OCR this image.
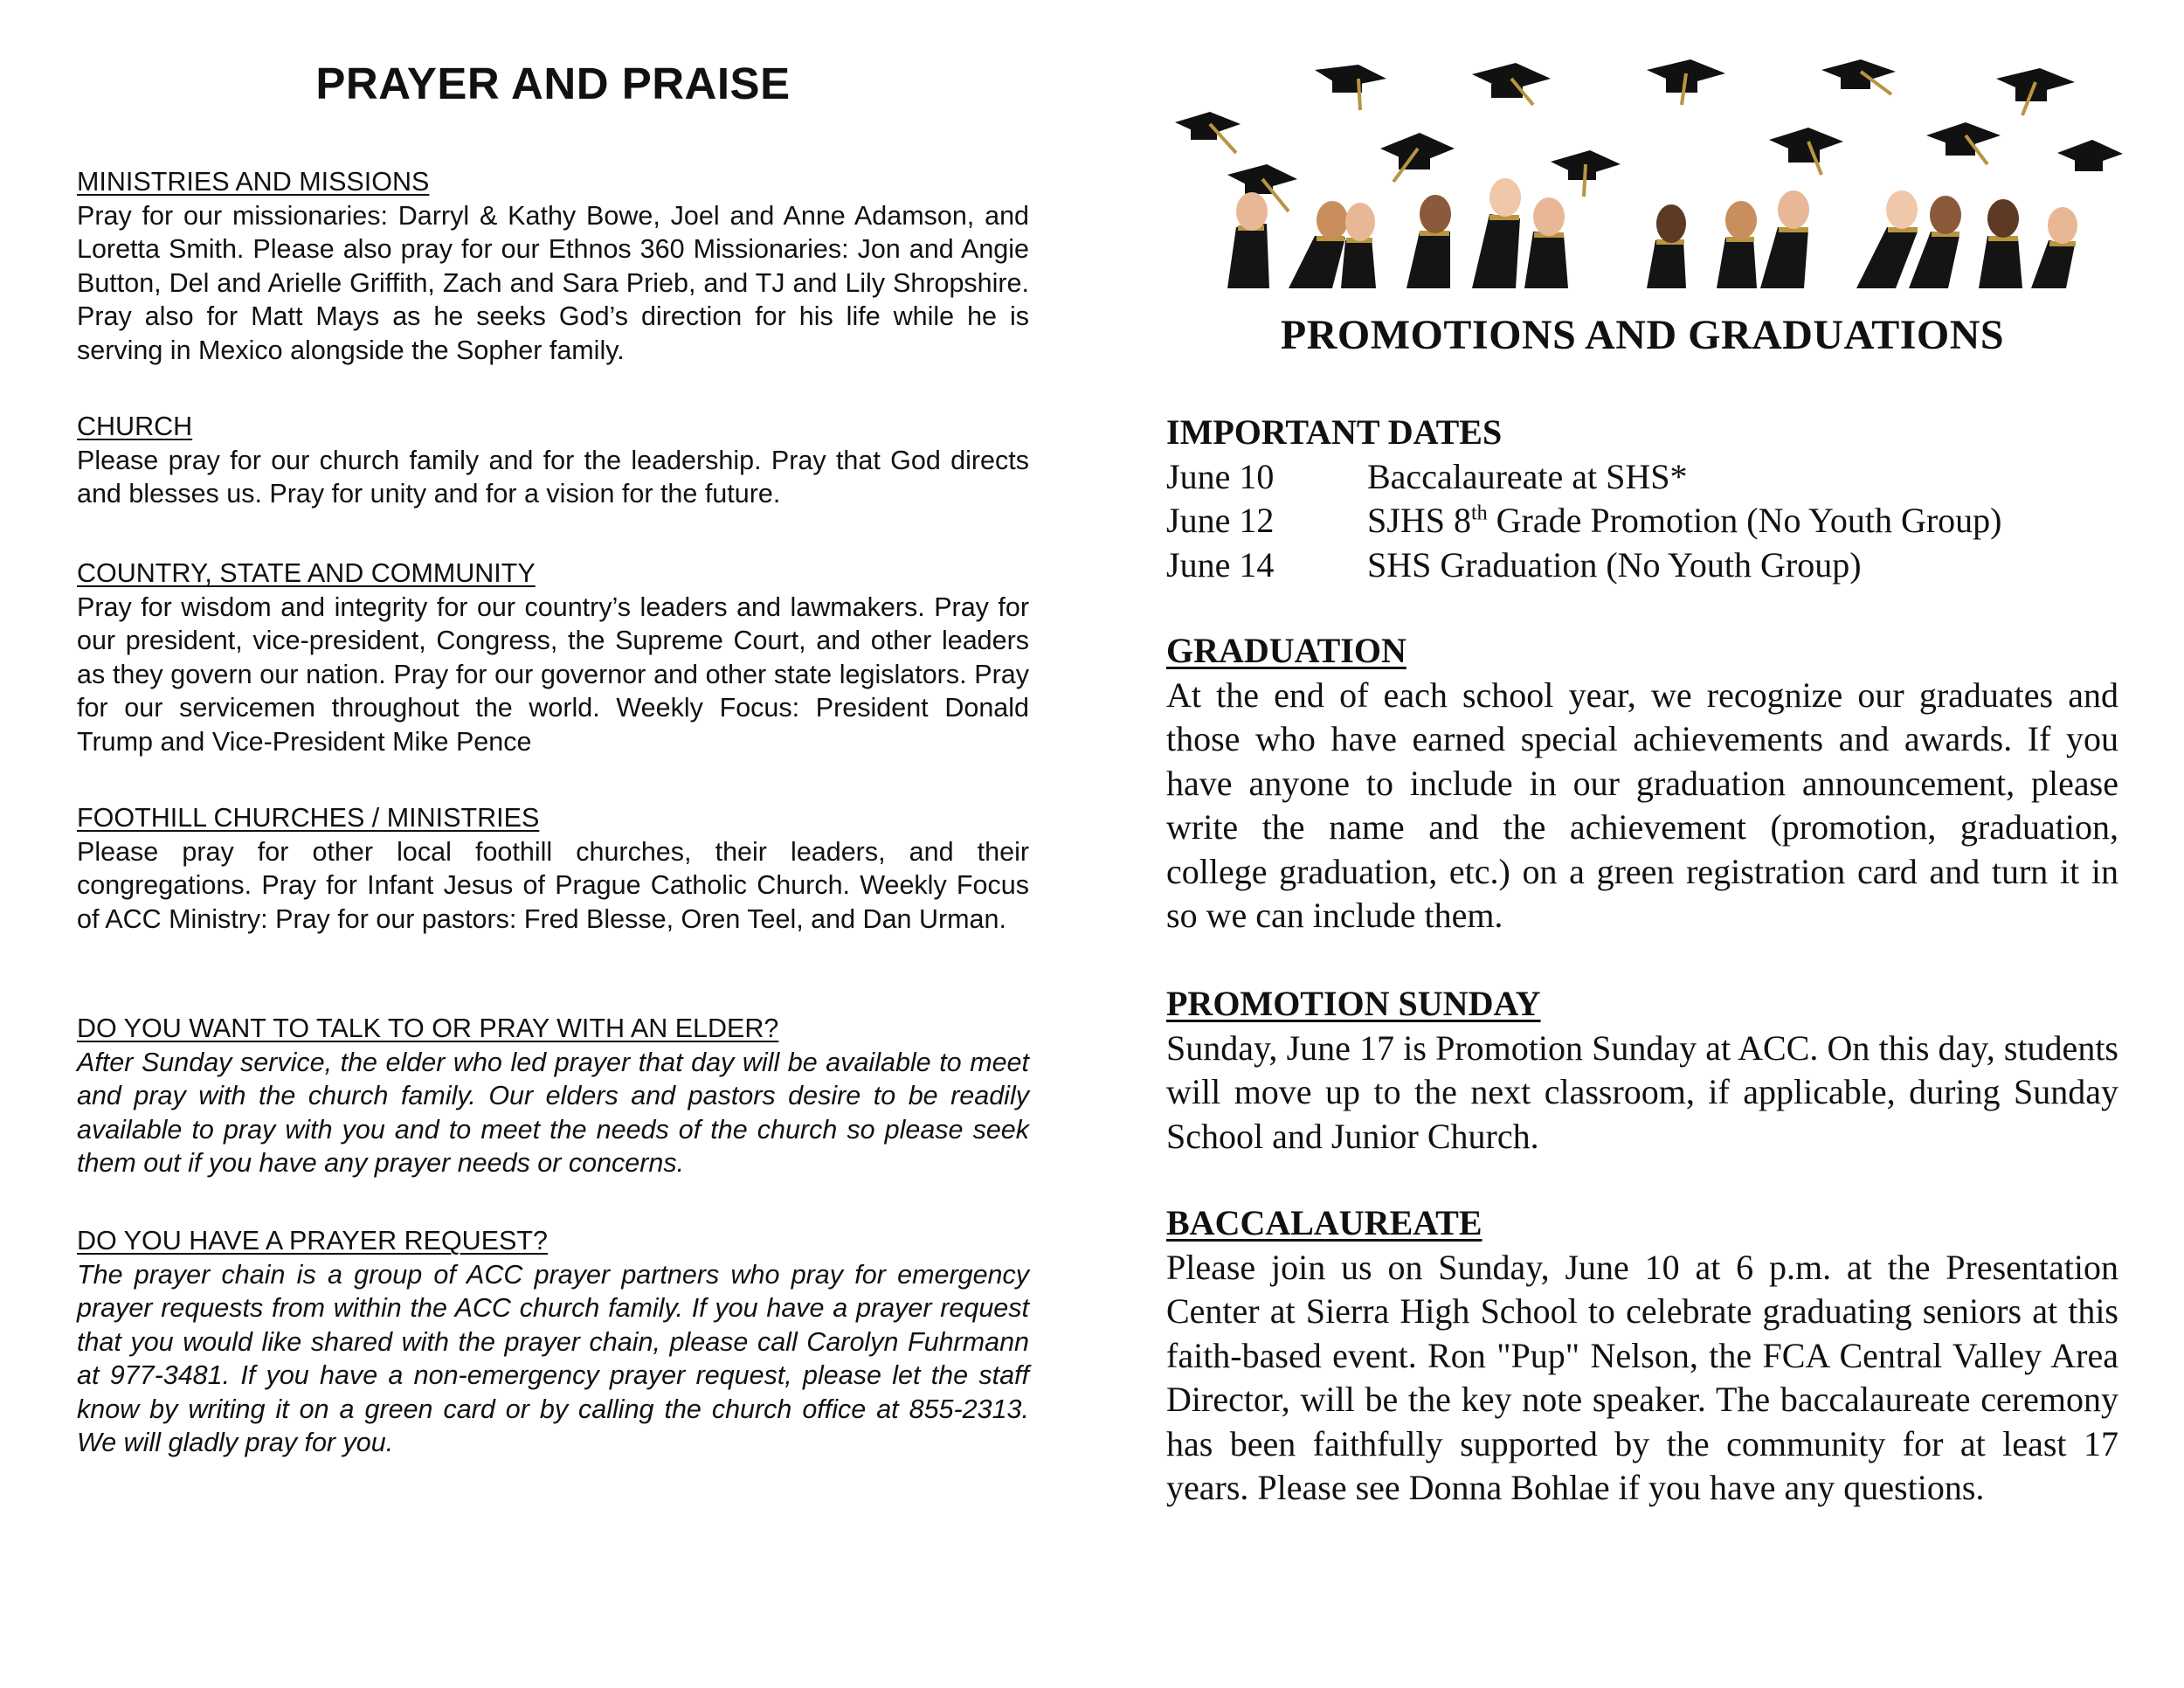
PRAYER AND PRAISE
MINISTRIES AND MISSIONS
Pray for our missionaries: Darryl & Kathy Bowe, Joel and Anne Adamson, and Loretta Smith. Please also pray for our Ethnos 360 Missionaries: Jon and Angie Button, Del and Arielle Griffith, Zach and Sara Prieb, and TJ and Lily Shropshire. Pray also for Matt Mays as he seeks God’s direction for his life while he is serving in Mexico alongside the Sopher family.
CHURCH
Please pray for our church family and for the leadership. Pray that God directs and blesses us. Pray for unity and for a vision for the future.
COUNTRY, STATE AND COMMUNITY
Pray for wisdom and integrity for our country’s leaders and lawmakers. Pray for our president, vice-president, Congress, the Supreme Court, and other leaders as they govern our nation. Pray for our governor and other state legislators. Pray for our servicemen throughout the world. Weekly Focus: President Donald Trump and Vice-President Mike Pence
FOOTHILL CHURCHES / MINISTRIES
Please pray for other local foothill churches, their leaders, and their congregations. Pray for Infant Jesus of Prague Catholic Church. Weekly Focus of ACC Ministry: Pray for our pastors: Fred Blesse, Oren Teel, and Dan Urman.
DO YOU WANT TO TALK TO OR PRAY WITH AN ELDER?
After Sunday service, the elder who led prayer that day will be available to meet and pray with the church family. Our elders and pastors desire to be readily available to pray with you and to meet the needs of the church so please seek them out if you have any prayer needs or concerns.
DO YOU HAVE A PRAYER REQUEST?
The prayer chain is a group of ACC prayer partners who pray for emergency prayer requests from within the ACC church family. If you have a prayer request that you would like shared with the prayer chain, please call Carolyn Fuhrmann at 977-3481. If you have a non-emergency prayer request, please let the staff know by writing it on a green card or by calling the church office at 855-2313. We will gladly pray for you.
PROMOTIONS AND GRADUATIONS
IMPORTANT DATES
June 10	Baccalaureate at SHS*
June 12	SJHS 8th Grade Promotion (No Youth Group)
June 14	SHS Graduation (No Youth Group)
GRADUATION
At the end of each school year, we recognize our graduates and those who have earned special achievements and awards. If you have anyone to include in our graduation announcement, please write the name and the achievement (promotion, graduation, college graduation, etc.) on a green registration card and turn it in so we can include them.
PROMOTION SUNDAY
Sunday, June 17 is Promotion Sunday at ACC. On this day, students will move up to the next classroom, if applicable, during Sunday School and Junior Church.
BACCALAUREATE
Please join us on Sunday, June 10 at 6 p.m. at the Presentation Center at Sierra High School to celebrate graduating seniors at this faith-based event. Ron "Pup" Nelson, the FCA Central Valley Area Director, will be the key note speaker. The baccalaureate ceremony has been faithfully supported by the community for at least 17 years. Please see Donna Bohlae if you have any questions.
